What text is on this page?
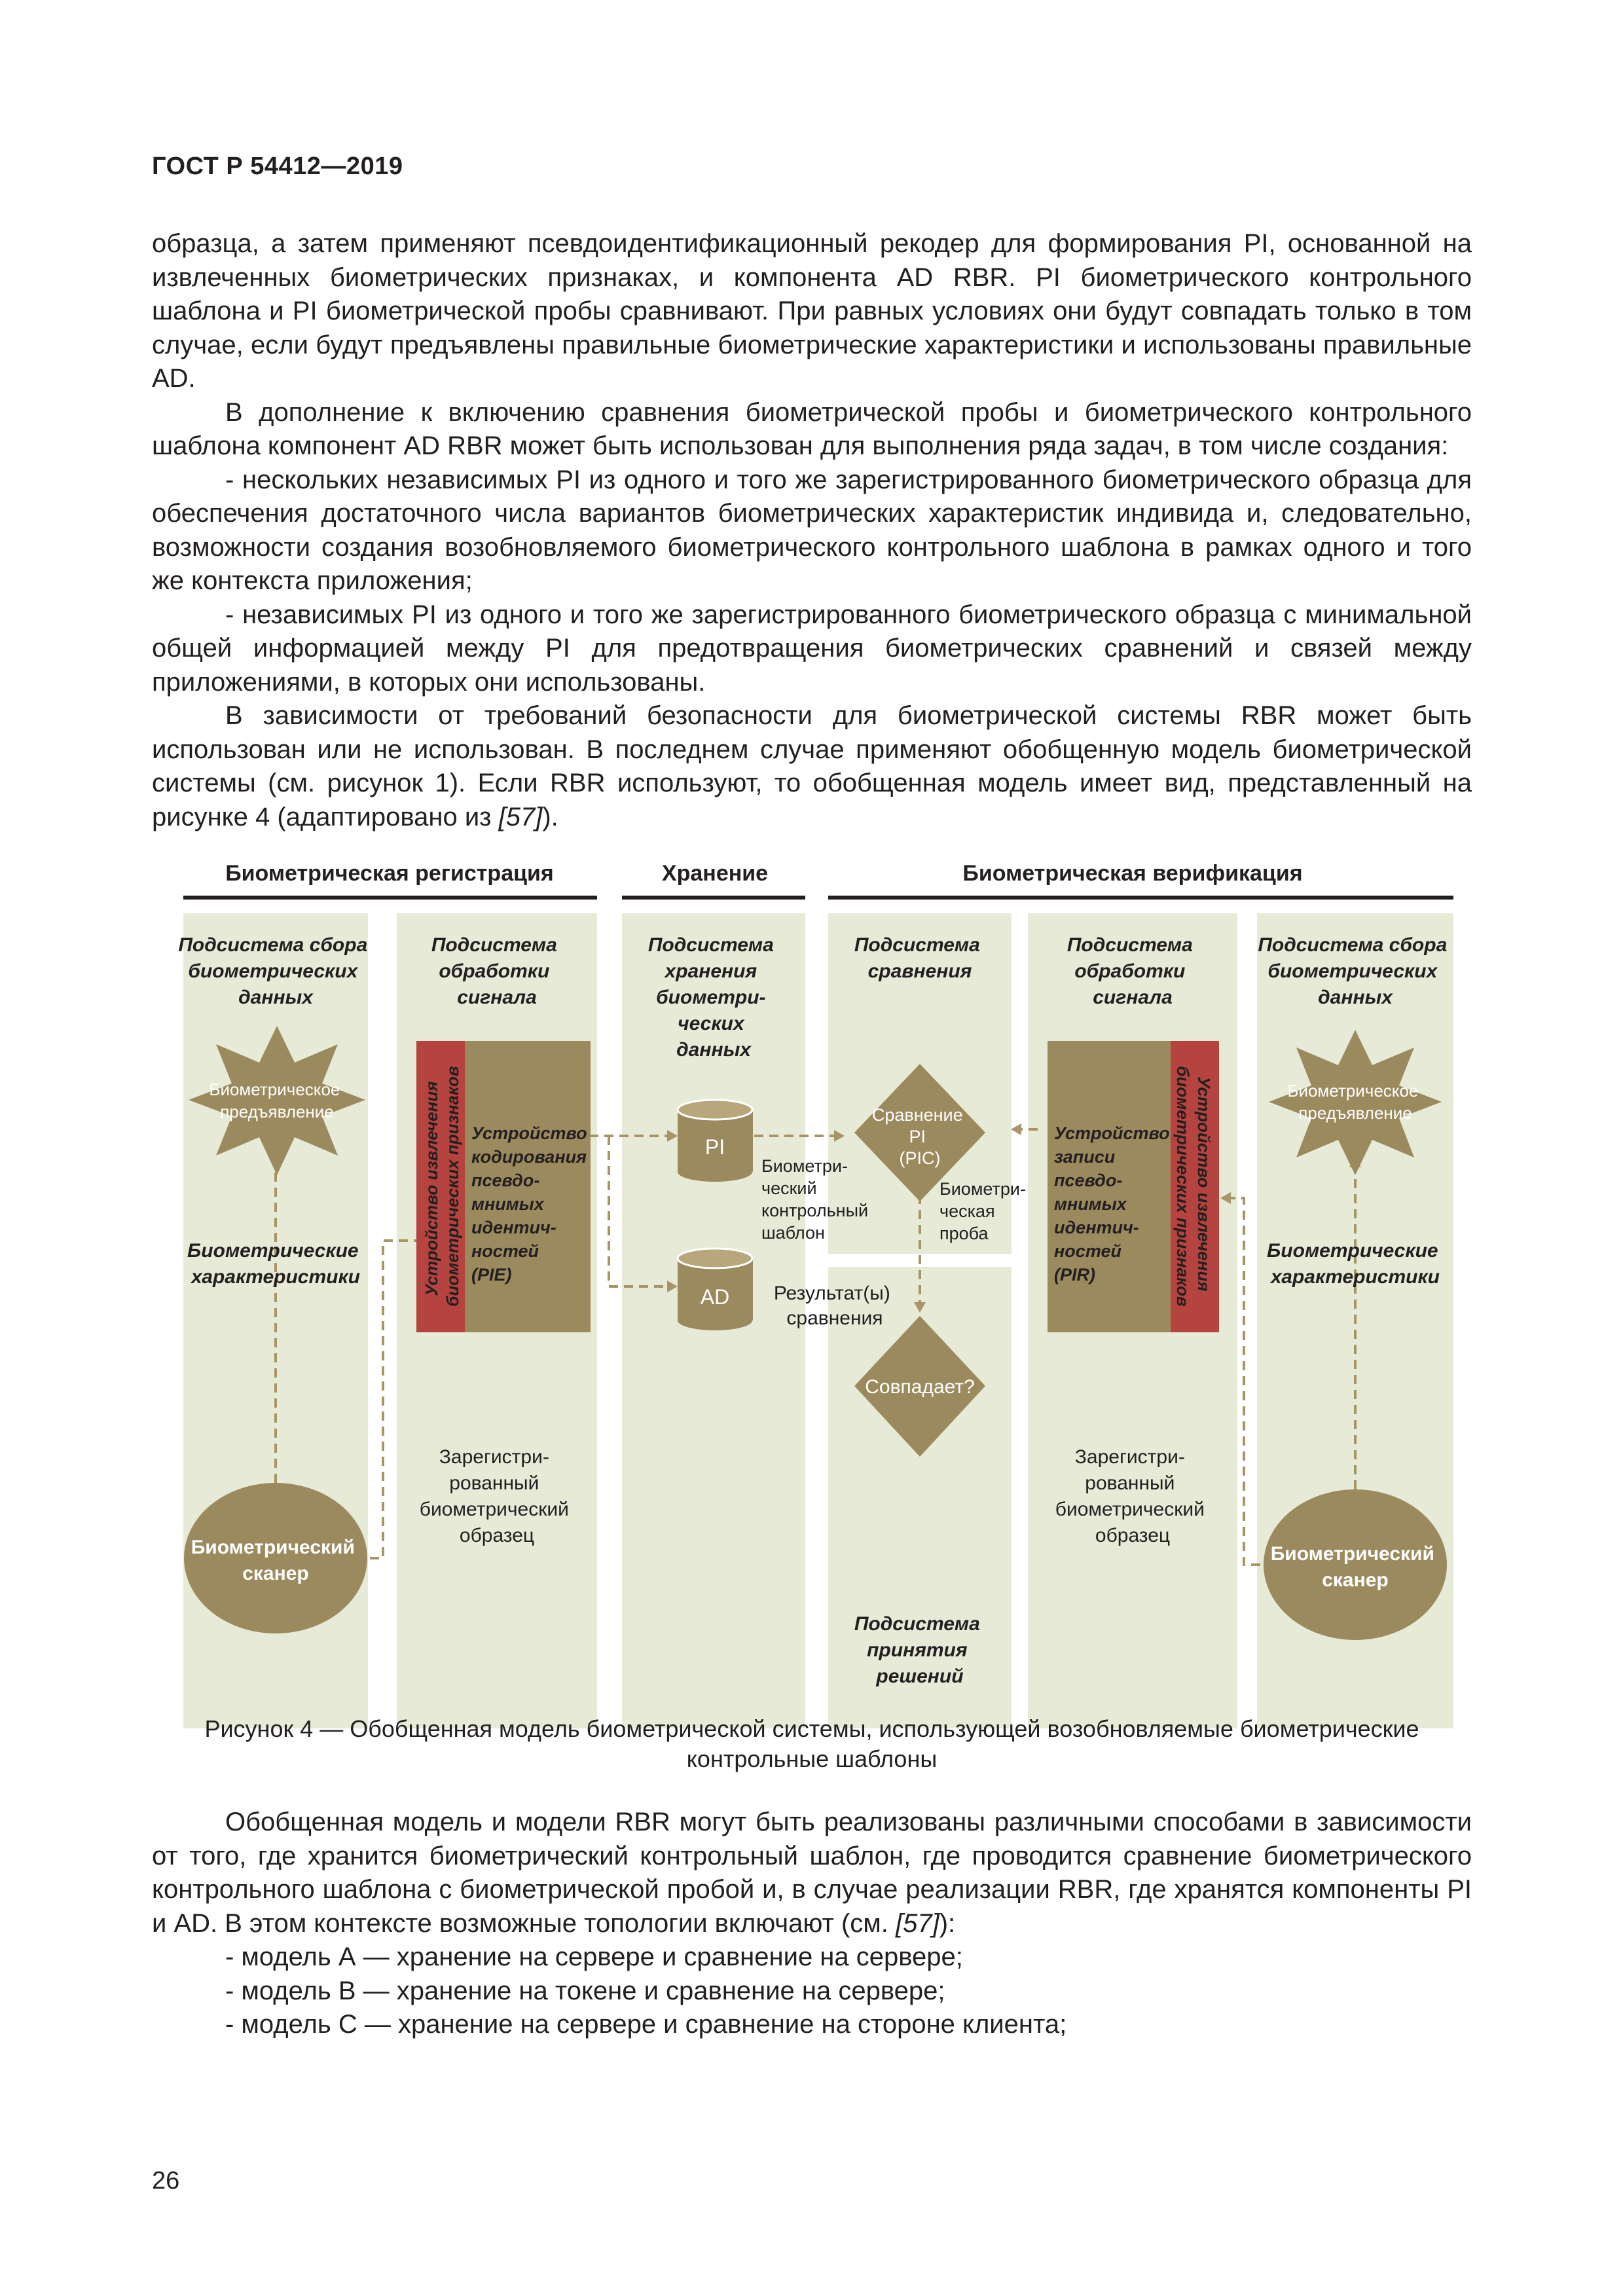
ГОСТ Р 54412—2019

образца, а затем применяют псевдоидентификационный рекодер для формирования PI, основанной на извлеченных биометрических признаках, и компонента AD RBR. PI биометрического контрольного шаблона и PI биометрической пробы сравнивают. При равных условиях они будут совпадать только в том случае, если будут предъявлены правильные биометрические характеристики и использованы правильные AD.

В дополнение к включению сравнения биометрической пробы и биометрического контрольного шаблона компонент AD RBR может быть использован для выполнения ряда задач, в том числе создания:

- нескольких независимых PI из одного и того же зарегистрированного биометрического образца для обеспечения достаточного числа вариантов биометрических характеристик индивида и, следовательно, возможности создания возобновляемого биометрического контрольного шаблона в рамках одного и того же контекста приложения;

- независимых PI из одного и того же зарегистрированного биометрического образца с минимальной общей информацией между PI для предотвращения биометрических сравнений и связей между приложениями, в которых они использованы.

В зависимости от требований безопасности для биометрической системы RBR может быть использован или не использован. В последнем случае применяют обобщенную модель биометрической системы (см. рисунок 1). Если RBR используют, то обобщенная модель имеет вид, представленный на рисунке 4 (адаптировано из [57]).

Биометрическая регистрация	Хранение	Биометрическая верификация
Подсистема сбора биометрических данных
Подсистема обработки сигнала
Подсистема хранения биометри- ческих данных
Подсистема сравнения
Подсистема обработки сигнала
Подсистема сбора биометрических данных
Подсистема принятия решений
Биометрическое предъявление
Биометрическое предъявление
Биометрические характеристики
Биометрические характеристики
Биометрический сканер
Биометрический сканер
Устройство извлечения биометрических признаков Устройство кодирования псевдо- мнимых идентич- ностей (PIE)
Устройство записи псевдо- мнимых идентич- ностей (PIR)	Устройство извлечения биометрических признаков
PI
AD
Сравнение PI (PIC)
Совпадает?
Биометри- ческий контрольный шаблон
Биометри- ческая проба
Результат(ы) сравнения
Зарегистри- рованный биометрический образец
Зарегистри- рованный биометрический образец
Рисунок 4 — Обобщенная модель биометрической системы, использующей возобновляемые биометрические
контрольные шаблоны

Обобщенная модель и модели RBR могут быть реализованы различными способами в зависимости от того, где хранится биометрический контрольный шаблон, где проводится сравнение биометрического контрольного шаблона с биометрической пробой и, в случае реализации RBR, где хранятся компоненты PI и AD. В этом контексте возможные топологии включают (см. [57]):

- модель А — хранение на сервере и сравнение на сервере;

- модель В — хранение на токене и сравнение на сервере;

- модель С — хранение на сервере и сравнение на стороне клиента;

26
